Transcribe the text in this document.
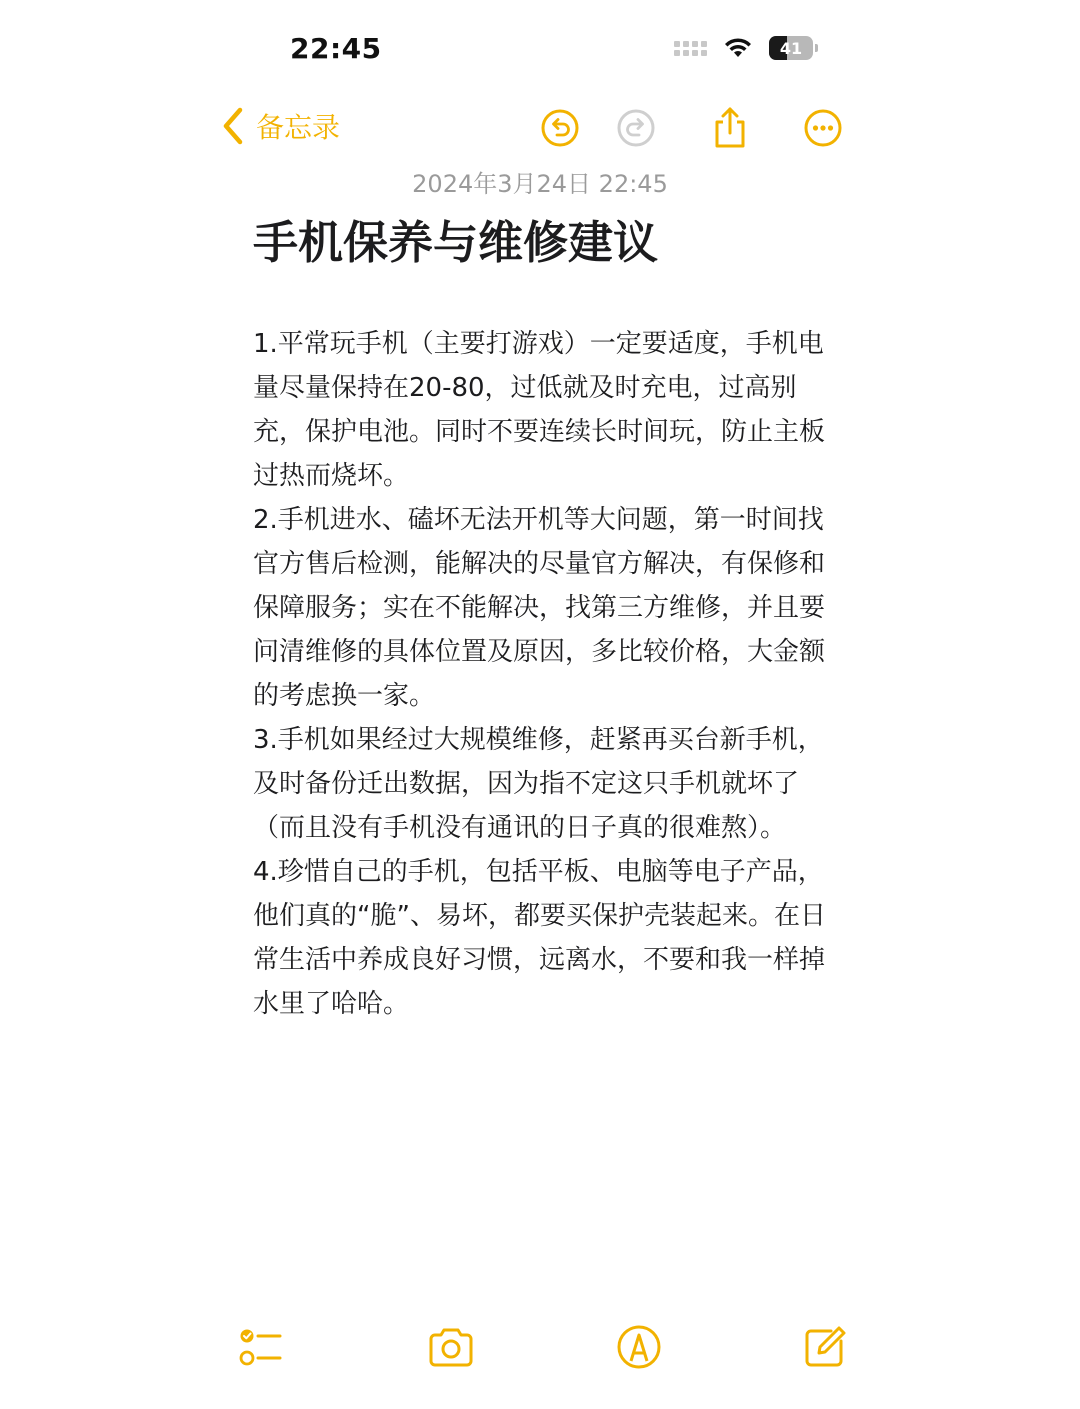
22:45	41
备忘录
2024年3月24日 22:45
手机保养与维修建议

1.平常玩手机（主要打游戏）一定要适度，手机电量尽量保持在20-80，过低就及时充电，过高别充，保护电池。同时不要连续长时间玩，防止主板过热而烧坏。
2.手机进水、磕坏无法开机等大问题，第一时间找官方售后检测，能解决的尽量官方解决，有保修和保障服务；实在不能解决，找第三方维修，并且要问清维修的具体位置及原因，多比较价格，大金额的考虑换一家。
3.手机如果经过大规模维修，赶紧再买台新手机，及时备份迁出数据，因为指不定这只手机就坏了（而且没有手机没有通讯的日子真的很难熬）。
4.珍惜自己的手机，包括平板、电脑等电子产品，他们真的“脆”、易坏，都要买保护壳装起来。在日常生活中养成良好习惯，远离水，不要和我一样掉水里了哈哈。
